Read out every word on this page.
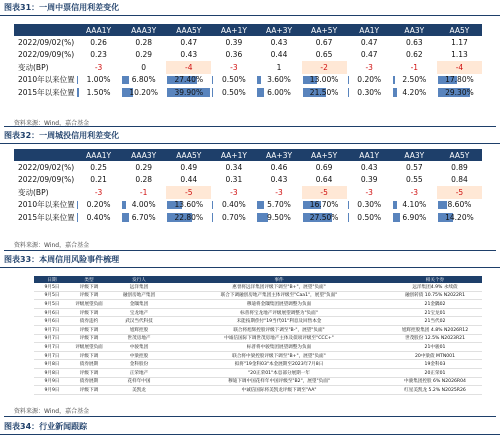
图表31：一周中票信用利差变化
	AAA1Y	AAA3Y	AAA5Y	AA+1Y	AA+3Y	AA+5Y	AA1Y	AA3Y	AA5Y
2022/09/02(%)	0.26	0.28	0.47	0.39	0.43	0.67	0.47	0.63	1.17
2022/09/09(%)	0.23	0.29	0.43	0.36	0.44	0.65	0.47	0.62	1.13
变动(BP)	-3	0	-4	-3	1	-2	-3	-1	-4
2010年以来位置	1.00%	6.80%	27.40%	0.50%	3.60%	13.00%	0.20%	2.50%	17.80%
2015年以来位置	1.50%	10.20%	39.90%	0.50%	6.00%	21.50%	0.30%	4.20%	29.30%
资料来源：Wind，嘉合基金
图表32：一周城投信用利差变化
	AAA1Y	AAA3Y	AAA5Y	AA+1Y	AA+3Y	AA+5Y	AA1Y	AA3Y	AA5Y
2022/09/02(%)	0.25	0.29	0.49	0.34	0.46	0.69	0.43	0.57	0.89
2022/09/09(%)	0.21	0.28	0.44	0.31	0.43	0.64	0.39	0.55	0.84
变动(BP)	-3	-1	-5	-3	-3	-5	-3	-3	-5
2010年以来位置	0.20%	4.00%	13.60%	0.40%	5.70%	16.70%	0.30%	4.10%	8.60%
2015年以来位置	0.40%	6.70%	22.80%	0.70%	9.50%	27.50%	0.50%	6.90%	14.20%
资料来源：Wind，嘉合基金
图表33：本周信用风险事件梳理
日期	类型	发行人	事件	相关个券
9月5日	评级下调	远洋集团	惠誉将远洋集团评级下调至"B+"，展望"负面"	远洋集团4.9% 永续债
9月5日	评级下调	融创房地产集团	联合下调融创房地产集团主体评级至"Caa1"，展望"负面"	融创转债 10.75% N2022R1
9月5日	评级展望负面	金隅集团	穆迪将金隅集团展望调整为负面	21金隅02
9月6日	评级下调	宝龙地产	标普将宝龙地产评级展望调整为"负面"	21宝龙01
9月6日	债券违约	武汉当代科技	未能按期偿付"19当代01"利息及回售本金	21当代02
9月7日	评级下调	旭辉控股	联合将旭辉控股评级下调至"B-"，展望"负面"	旭辉控股集团 4.8% N2026R12
9月7日	评级下调	世茂房地产	中诚信国际下调世茂房地产主体及债项评级至"CCC+"	世茂股份 12.5% N2023R21
9月7日	评级展望负面	中骏集团	标普将中骏集团展望调整为负面	21中骏01
9月7日	评级下调	中梁控股	联合将中梁控股评级下调至"B+"，展望"负面"	20中梁债 MTN001
9月8日	债券展期	金科股份	拟将"19金科03"本金展期至2023年7月8日	19金科03
9月8日	评级下调	正荣地产	"20正荣01"本息部分展期一年	20正荣01
9月9日	债券展期	花样年中国	穆迪下调中国花样年中国评级至"B2"，展望"负面"	中骏集团控股 6% N2026R04
9月9日	评级下调	美凯龙	中诚信国际将美凯龙评级下调至"AA"	红星美凯龙 5.2% N2025R26
资料来源：Wind，嘉合基金
图表34：行业新闻跟踪
